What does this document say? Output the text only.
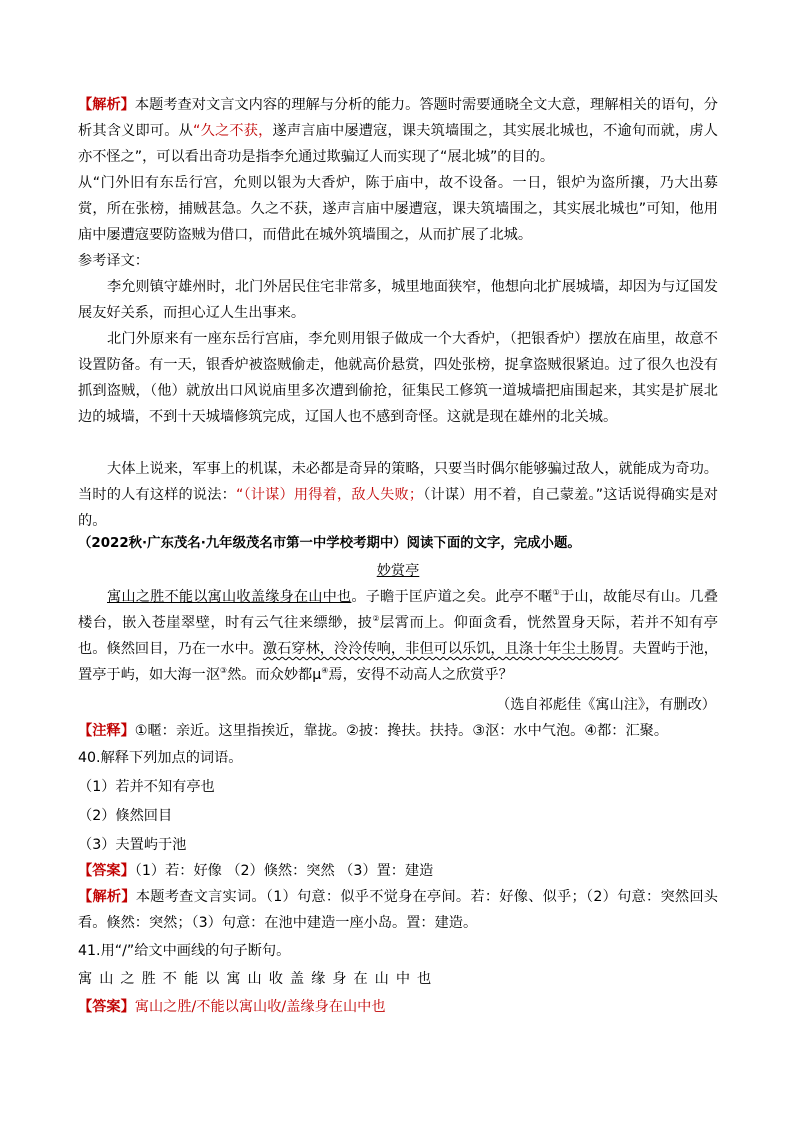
【解析】本题考查对文言文内容的理解与分析的能力。答题时需要通晓全文大意，理解相关的语句，分析其含义即可。从“久之不获，遂声言庙中屡遭寇，课夫筑墙围之，其实展北城也，不逾旬而就，虏人亦不怪之”，可以看出奇功是指李允通过欺骗辽人而实现了“展北城”的目的。
从“门外旧有东岳行宫，允则以银为大香炉，陈于庙中，故不设备。一日，银炉为盗所攘，乃大出募赏，所在张榜，捕贼甚急。久之不获，遂声言庙中屡遭寇，课夫筑墙围之，其实展北城也”可知，他用庙中屡遭寇要防盗贼为借口，而借此在城外筑墙围之，从而扩展了北城。
参考译文：
李允则镇守雄州时，北门外居民住宅非常多，城里地面狭窄，他想向北扩展城墙，却因为与辽国发展友好关系，而担心辽人生出事来。
北门外原来有一座东岳行宫庙，李允则用银子做成一个大香炉，（把银香炉）摆放在庙里，故意不设置防备。有一天，银香炉被盗贼偷走，他就高价悬赏，四处张榜，捉拿盗贼很紧迫。过了很久也没有抓到盗贼，（他）就放出口风说庙里多次遭到偷抢，征集民工修筑一道城墙把庙围起来，其实是扩展北边的城墙，不到十天城墙修筑完成，辽国人也不感到奇怪。这就是现在雄州的北关城。
大体上说来，军事上的机谋，未必都是奇异的策略，只要当时偶尔能够骗过敌人，就能成为奇功。当时的人有这样的说法：“（计谋）用得着，敌人失败；（计谋）用不着，自己蒙羞。”这话说得确实是对的。
（2022秋·广东茂名·九年级茂名市第一中学校考期中）阅读下面的文字，完成小题。
妙赏亭
寓山之胜不能以寓山收盖缘身在山中也。子瞻于匡庐道之矣。此亭不暱①于山，故能尽有山。几叠楼台，嵌入苍崖翠壁，时有云气往来缥缈，披②层霄而上。仰面贪看，恍然置身天际，若并不知有亭也。倏然回目，乃在一水中。激石穿林，泠泠传响，非但可以乐饥，且涤十年尘土肠胃。夫置屿于池，置亭于屿，如大海一沤③然。而众妙都μ④焉，安得不动高人之欣赏乎？
（选自祁彪佳《寓山注》，有删改）
【注释】①暱：亲近。这里指挨近，靠拢。②披：搀扶。扶持。③沤：水中气泡。④都：汇聚。
40.解释下列加点的词语。
（1）若并不知有亭也
（2）倏然回目
（3）夫置屿于池
【答案】（1）若：好像 （2）倏然：突然 （3）置：建造
【解析】本题考查文言实词。（1）句意：似乎不觉身在亭间。若：好像、似乎；（2）句意：突然回头看。倏然：突然；（3）句意：在池中建造一座小岛。置：建造。
41.用“/”给文中画线的句子断句。
寓山之胜不能以寓山收盖缘身在山中也
【答案】寓山之胜/不能以寓山收/盖缘身在山中也
